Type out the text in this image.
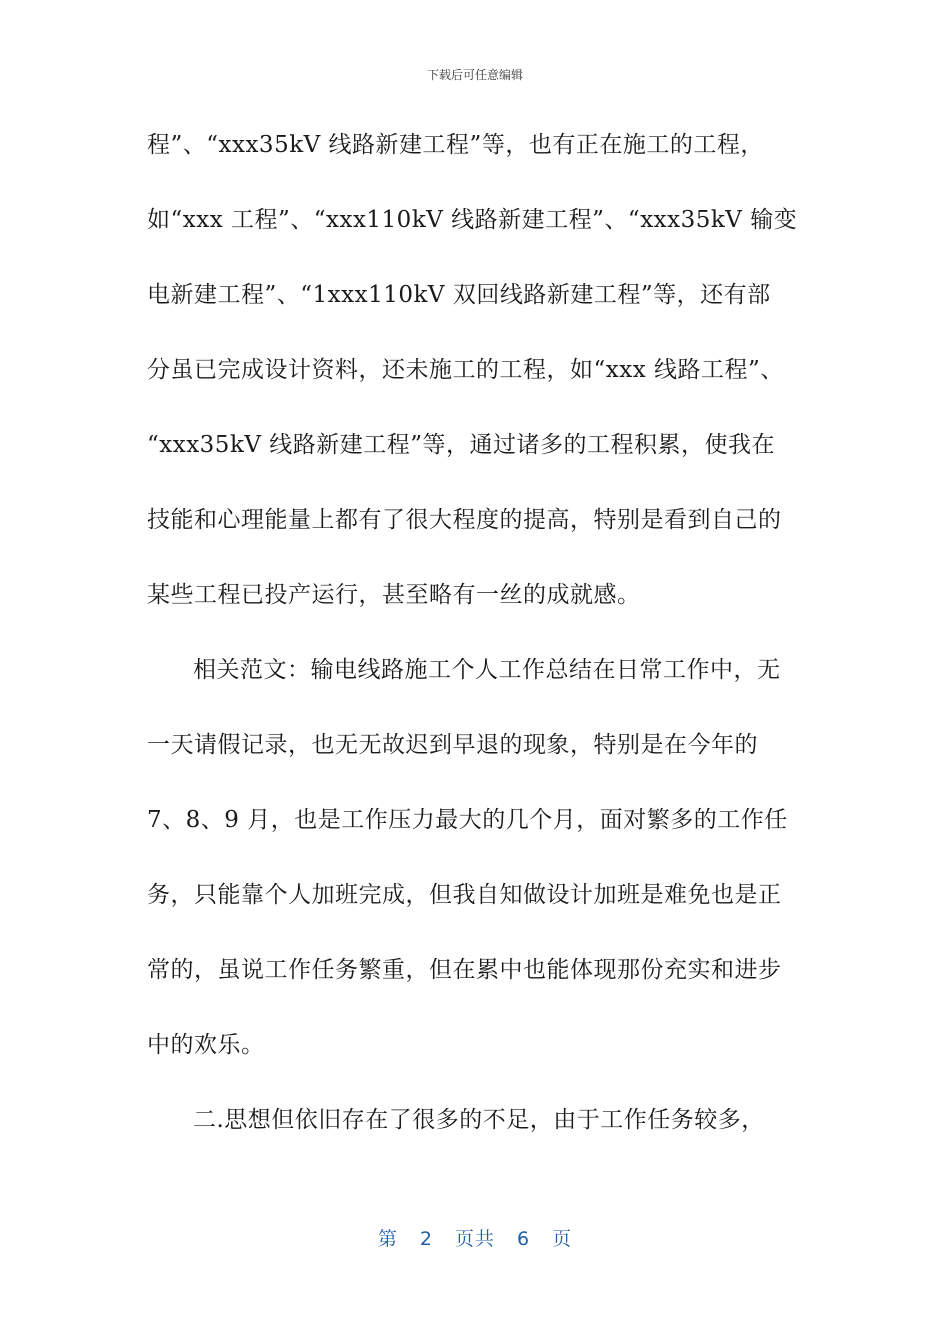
下载后可任意编辑
程”、“xxx35kV 线路新建工程”等，也有正在施工的工程，
如“xxx 工程”、“xxx110kV 线路新建工程”、“xxx35kV 输变
电新建工程”、“1xxx110kV 双回线路新建工程”等，还有部
分虽已完成设计资料，还未施工的工程，如“xxx 线路工程”、
“xxx35kV 线路新建工程”等，通过诸多的工程积累，使我在
技能和心理能量上都有了很大程度的提高，特别是看到自己的
某些工程已投产运行，甚至略有一丝的成就感。
相关范文：输电线路施工个人工作总结在日常工作中，无
一天请假记录，也无无故迟到早退的现象，特别是在今年的
7、8、9 月，也是工作压力最大的几个月，面对繁多的工作任
务，只能靠个人加班完成，但我自知做设计加班是难免也是正
常的，虽说工作任务繁重，但在累中也能体现那份充实和进步
中的欢乐。
二.思想但依旧存在了很多的不足，由于工作任务较多，
第 2 页共 6 页
